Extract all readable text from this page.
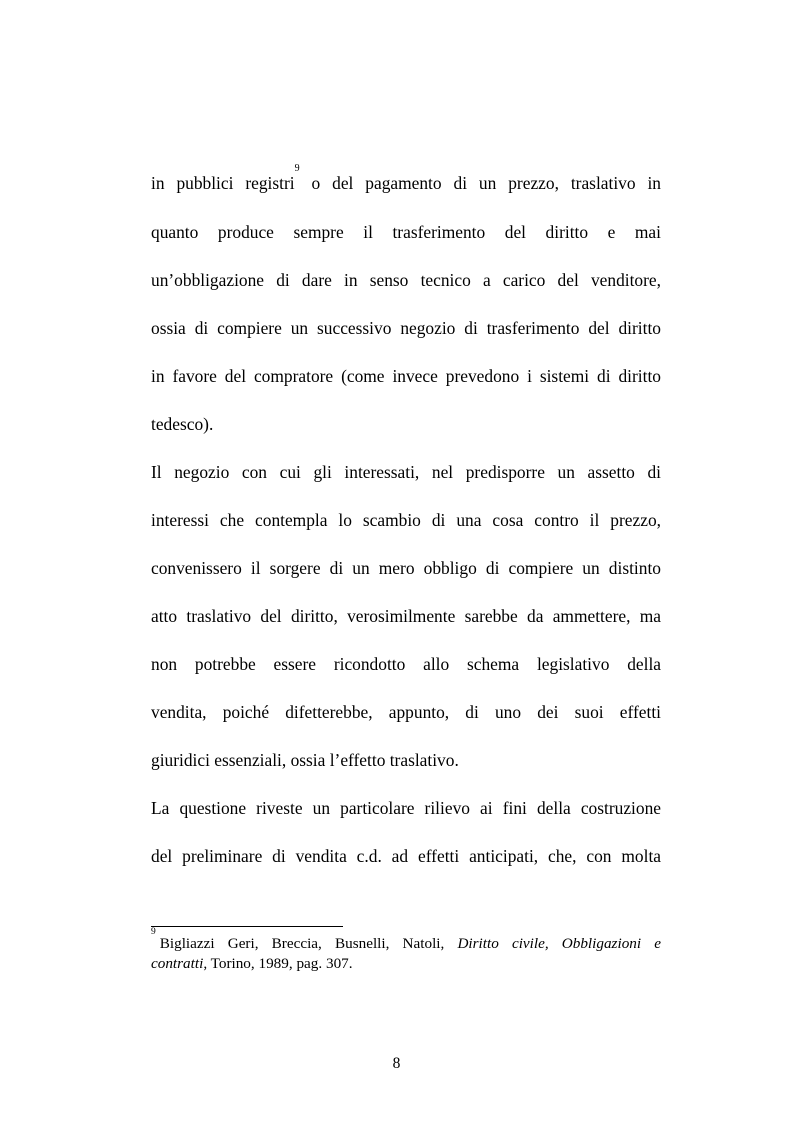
in pubblici registri$^9$ o del pagamento di un prezzo, traslativo in
quanto produce sempre il trasferimento del diritto e mai
un’obbligazione di dare in senso tecnico a carico del venditore,
ossia di compiere un successivo negozio di trasferimento del diritto
in favore del compratore (come invece prevedono i sistemi di diritto
tedesco).
Il negozio con cui gli interessati, nel predisporre un assetto di
interessi che contempla lo scambio di una cosa contro il prezzo,
convenissero il sorgere di un mero obbligo di compiere un distinto
atto traslativo del diritto, verosimilmente sarebbe da ammettere, ma
non potrebbe essere ricondotto allo schema legislativo della
vendita, poiché difetterebbe, appunto, di uno dei suoi effetti
giuridici essenziali, ossia l’effetto traslativo.
La questione riveste un particolare rilievo ai fini della costruzione
del preliminare di vendita c.d. ad effetti anticipati, che, con molta
$^9$Bigliazzi Geri, Breccia, Busnelli, Natoli, Diritto civile, Obbligazioni e
contratti, Torino, 1989, pag. 307.
8
